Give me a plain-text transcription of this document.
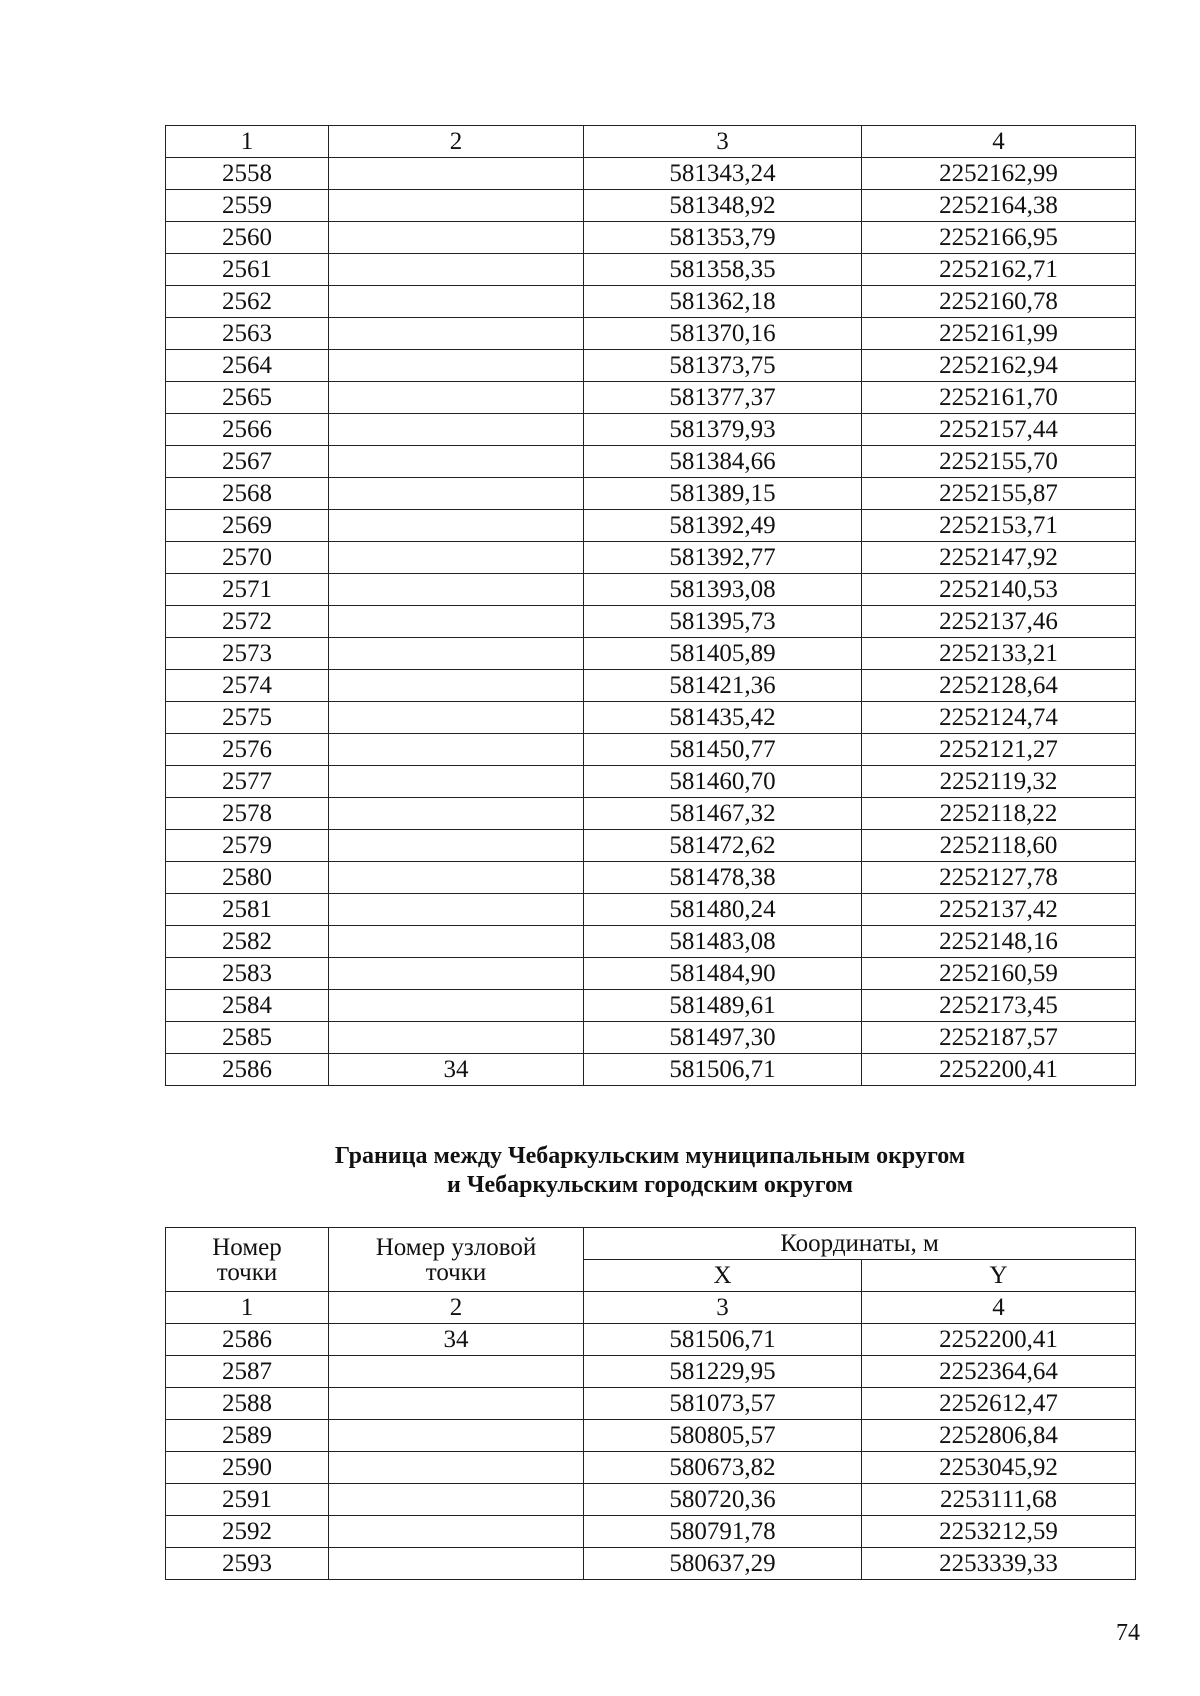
1	2	3	4
2558		581343,24	2252162,99
2559		581348,92	2252164,38
2560		581353,79	2252166,95
2561		581358,35	2252162,71
2562		581362,18	2252160,78
2563		581370,16	2252161,99
2564		581373,75	2252162,94
2565		581377,37	2252161,70
2566		581379,93	2252157,44
2567		581384,66	2252155,70
2568		581389,15	2252155,87
2569		581392,49	2252153,71
2570		581392,77	2252147,92
2571		581393,08	2252140,53
2572		581395,73	2252137,46
2573		581405,89	2252133,21
2574		581421,36	2252128,64
2575		581435,42	2252124,74
2576		581450,77	2252121,27
2577		581460,70	2252119,32
2578		581467,32	2252118,22
2579		581472,62	2252118,60
2580		581478,38	2252127,78
2581		581480,24	2252137,42
2582		581483,08	2252148,16
2583		581484,90	2252160,59
2584		581489,61	2252173,45
2585		581497,30	2252187,57
2586	34	581506,71	2252200,41
Граница между Чебаркульским муниципальным округом
и Чебаркульским городским округом
Номер точки	Номер узловой точки	Координаты, м	
		X	Y
1	2	3	4
2586	34	581506,71	2252200,41
2587		581229,95	2252364,64
2588		581073,57	2252612,47
2589		580805,57	2252806,84
2590		580673,82	2253045,92
2591		580720,36	2253111,68
2592		580791,78	2253212,59
2593		580637,29	2253339,33
74
